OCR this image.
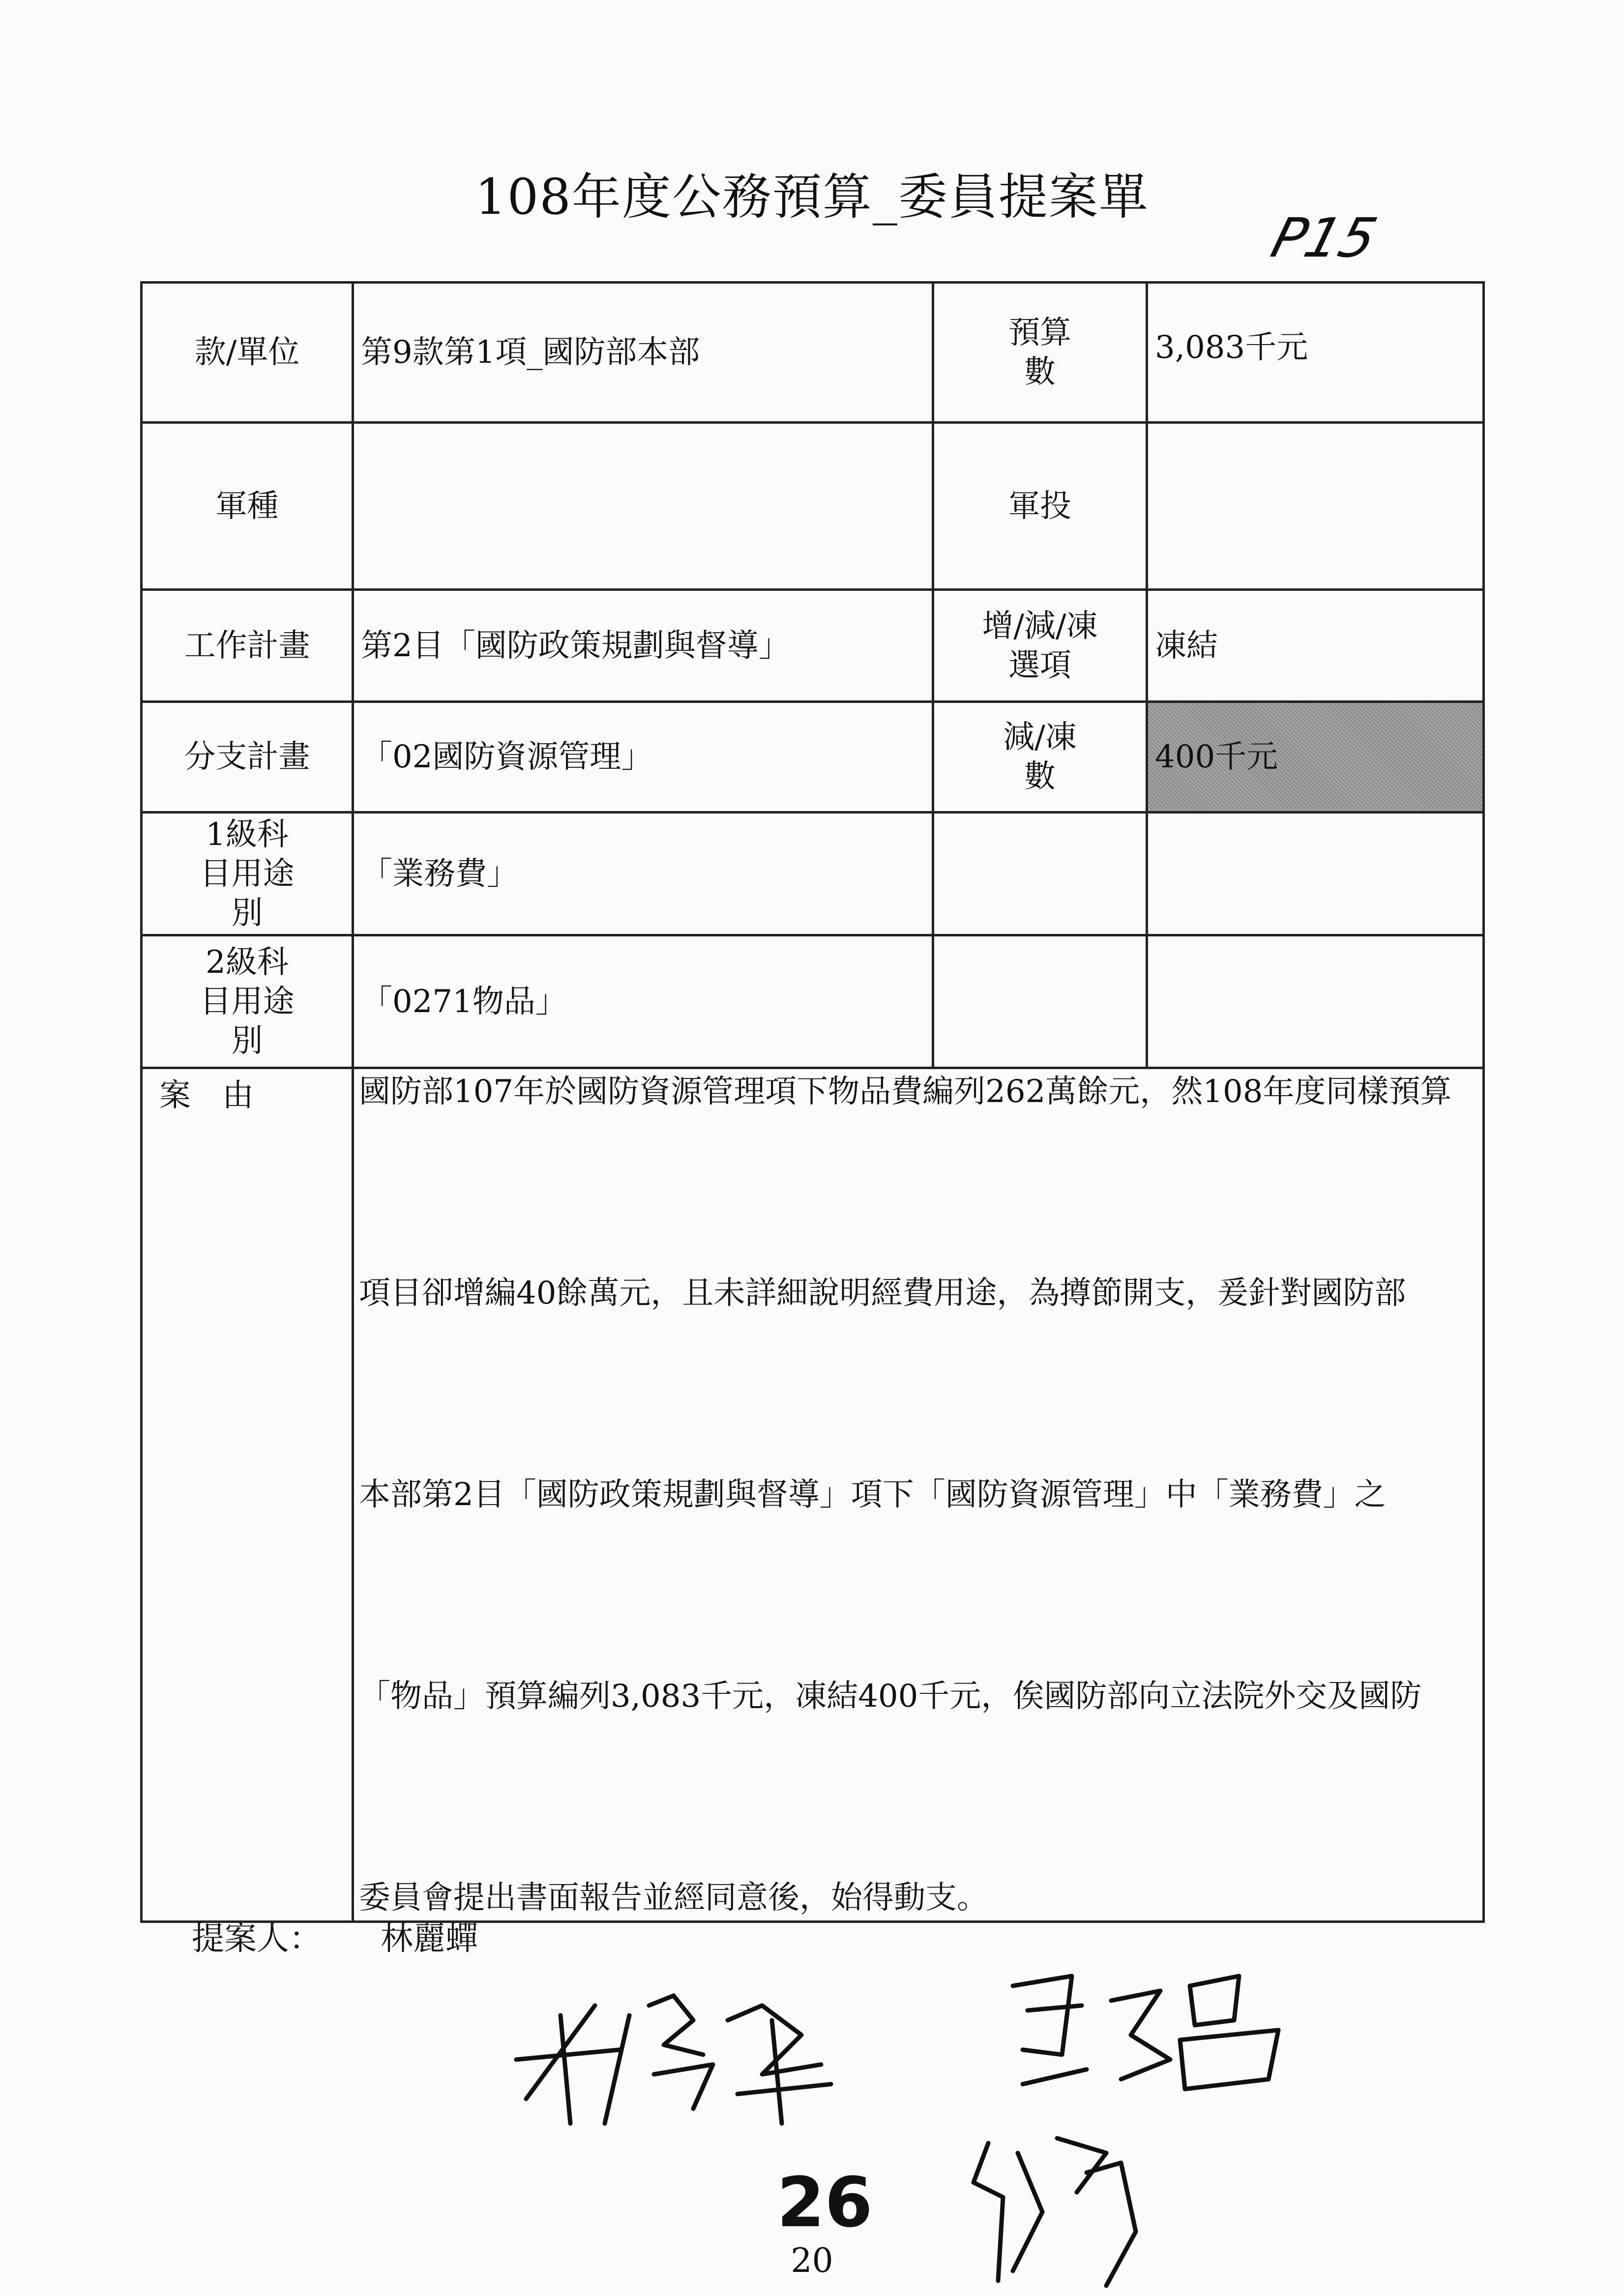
108年度公務預算_委員提案單
P15
款/單位	第9款第1項_國防部本部	預算數	3,083千元
軍種		軍投	
工作計畫	第2目「國防政策規劃與督導」	增/減/凍選項	凍結
分支計畫	「02國防資源管理」	減/凍數	400千元
1級科目用途別	「業務費」		
2級科目用途別	「0271物品」		

案　由	國防部107年於國防資源管理項下物品費編列262萬餘元，然108年度同樣預算

項目卻增編40餘萬元，且未詳細說明經費用途，為撙節開支，爰針對國防部

本部第2目「國防政策規劃與督導」項下「國防資源管理」中「業務費」之

「物品」預算編列3,083千元，凍結400千元，俟國防部向立法院外交及國防

委員會提出書面報告並經同意後，始得動支。		

提案人： 林麗蟬
26
20
